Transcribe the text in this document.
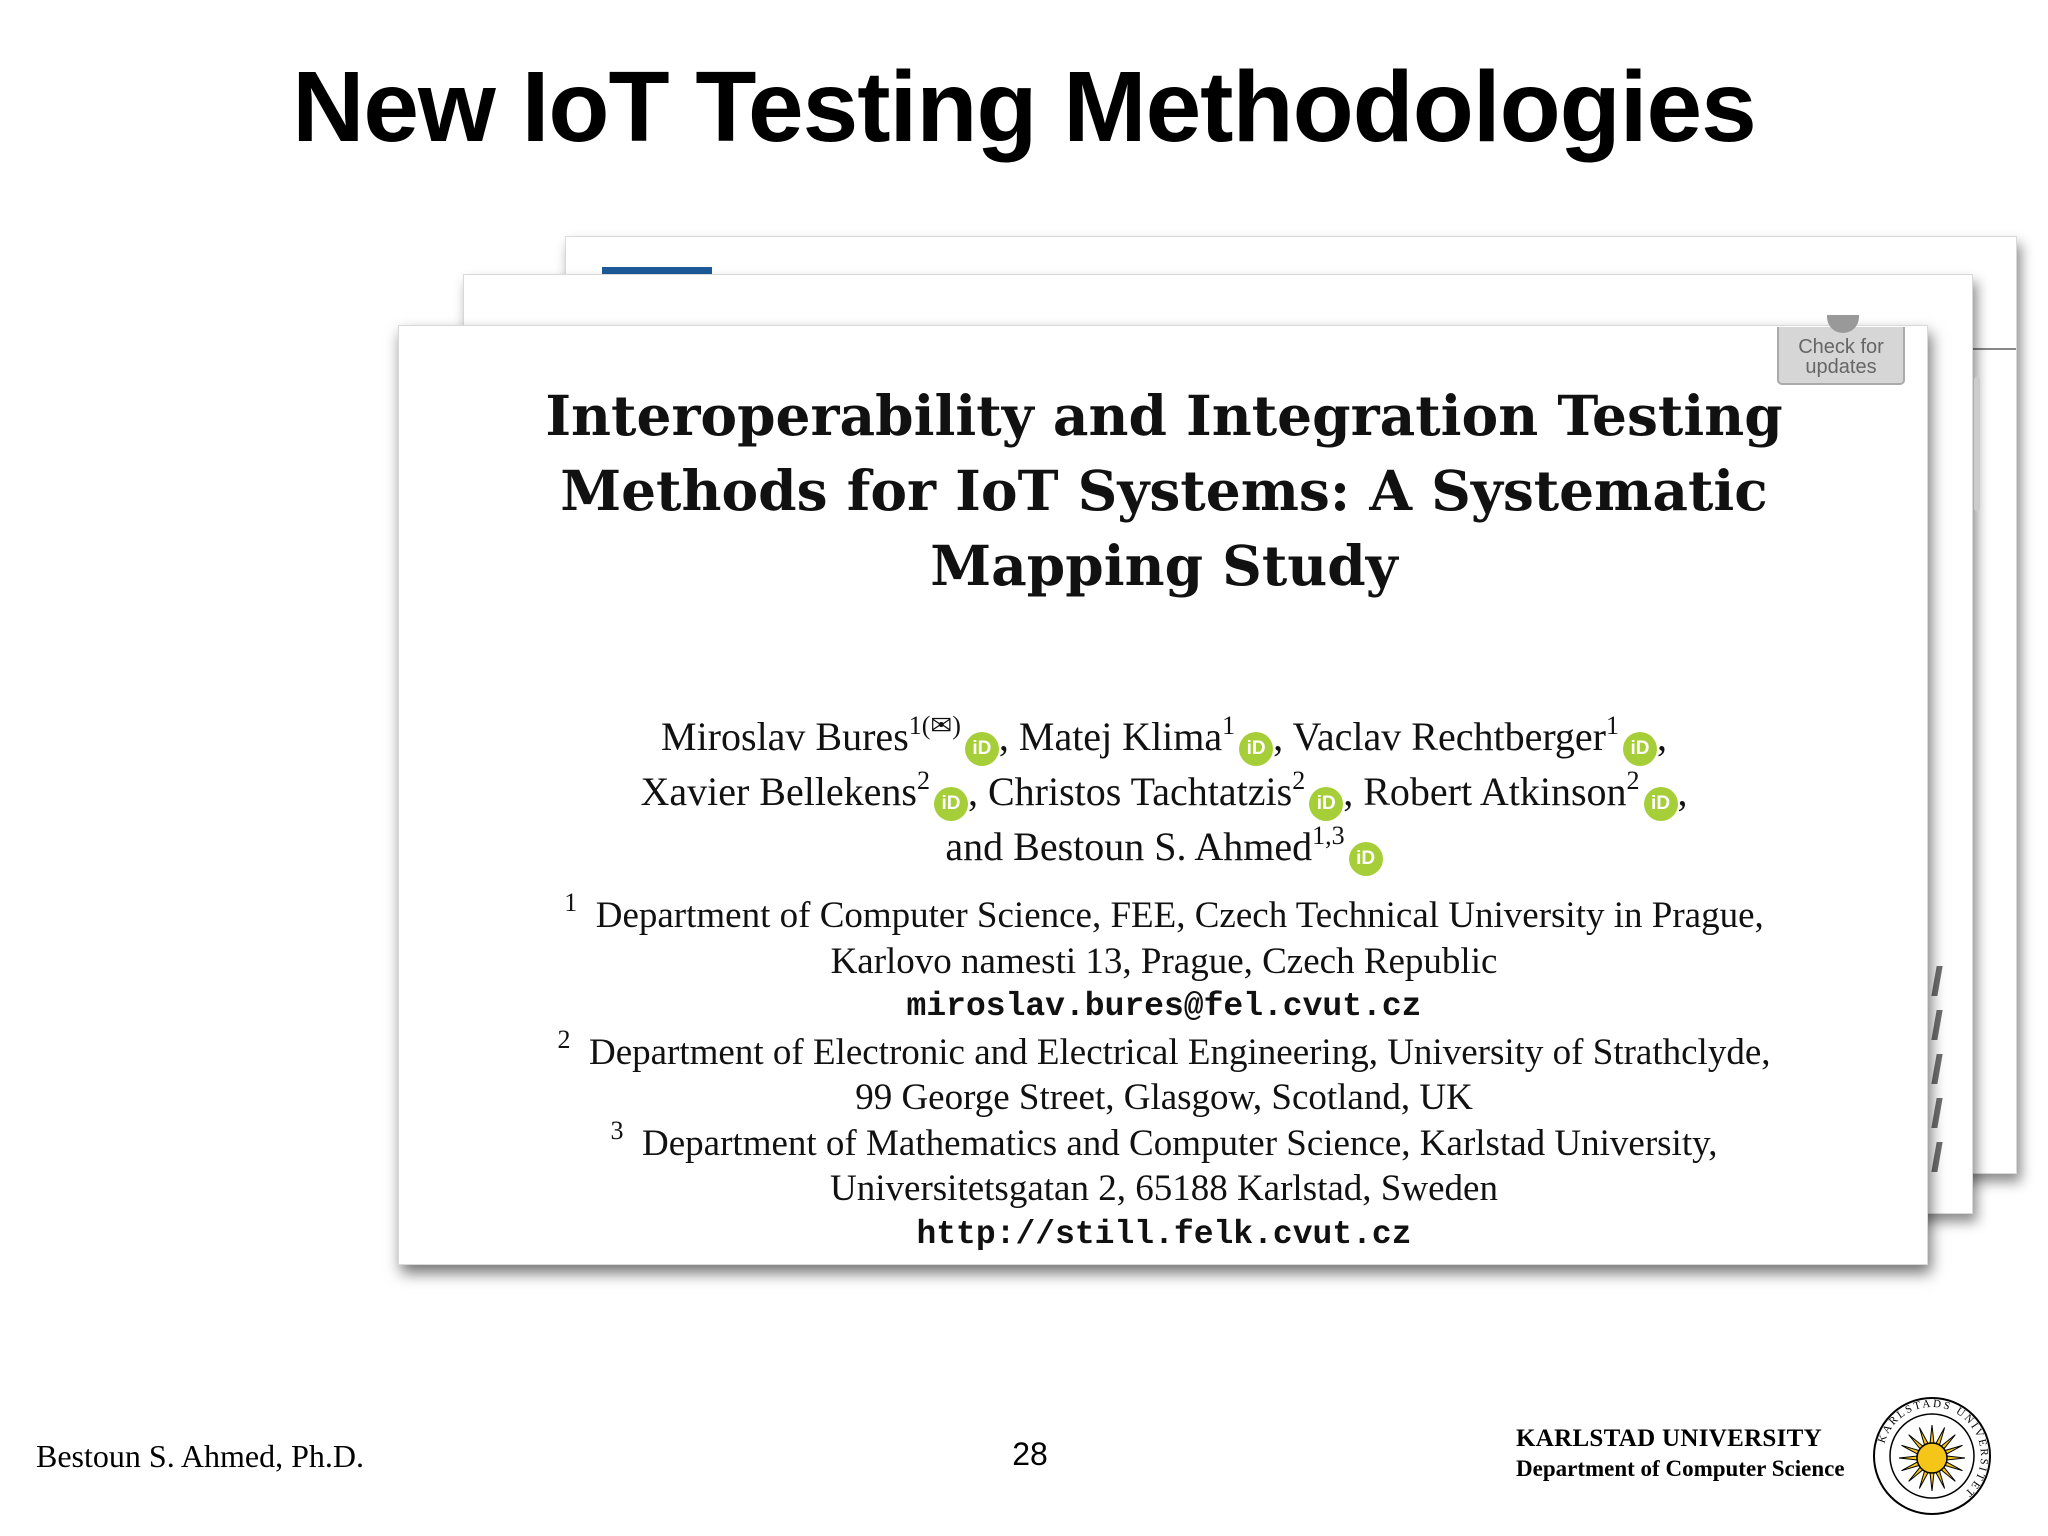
New IoT Testing Methodologies
Check for
updates
Interoperability and Integration Testing
Methods for IoT Systems: A Systematic
Mapping Study
Miroslav Bures$^{1(✉)}$iD , Matej Klima$^1$iD , Vaclav Rechtberger$^1$iD ,
Xavier Bellekens$^2$iD , Christos Tachtatzis$^2$iD , Robert Atkinson$^2$iD ,
and Bestoun S. Ahmed$^{1,3}$iD
$^1$ Department of Computer Science, FEE, Czech Technical University in Prague,
Karlovo namesti 13, Prague, Czech Republic
miroslav.bures@fel.cvut.cz
$^2$ Department of Electronic and Electrical Engineering, University of Strathclyde,
99 George Street, Glasgow, Scotland, UK
$^3$ Department of Mathematics and Computer Science, Karlstad University,
Universitetsgatan 2, 65188 Karlstad, Sweden
http://still.felk.cvut.cz
Bestoun S. Ahmed, Ph.D.	28	KARLSTAD UNIVERSITY
Department of Computer Science
KARLSTADS UNIVERSITET
